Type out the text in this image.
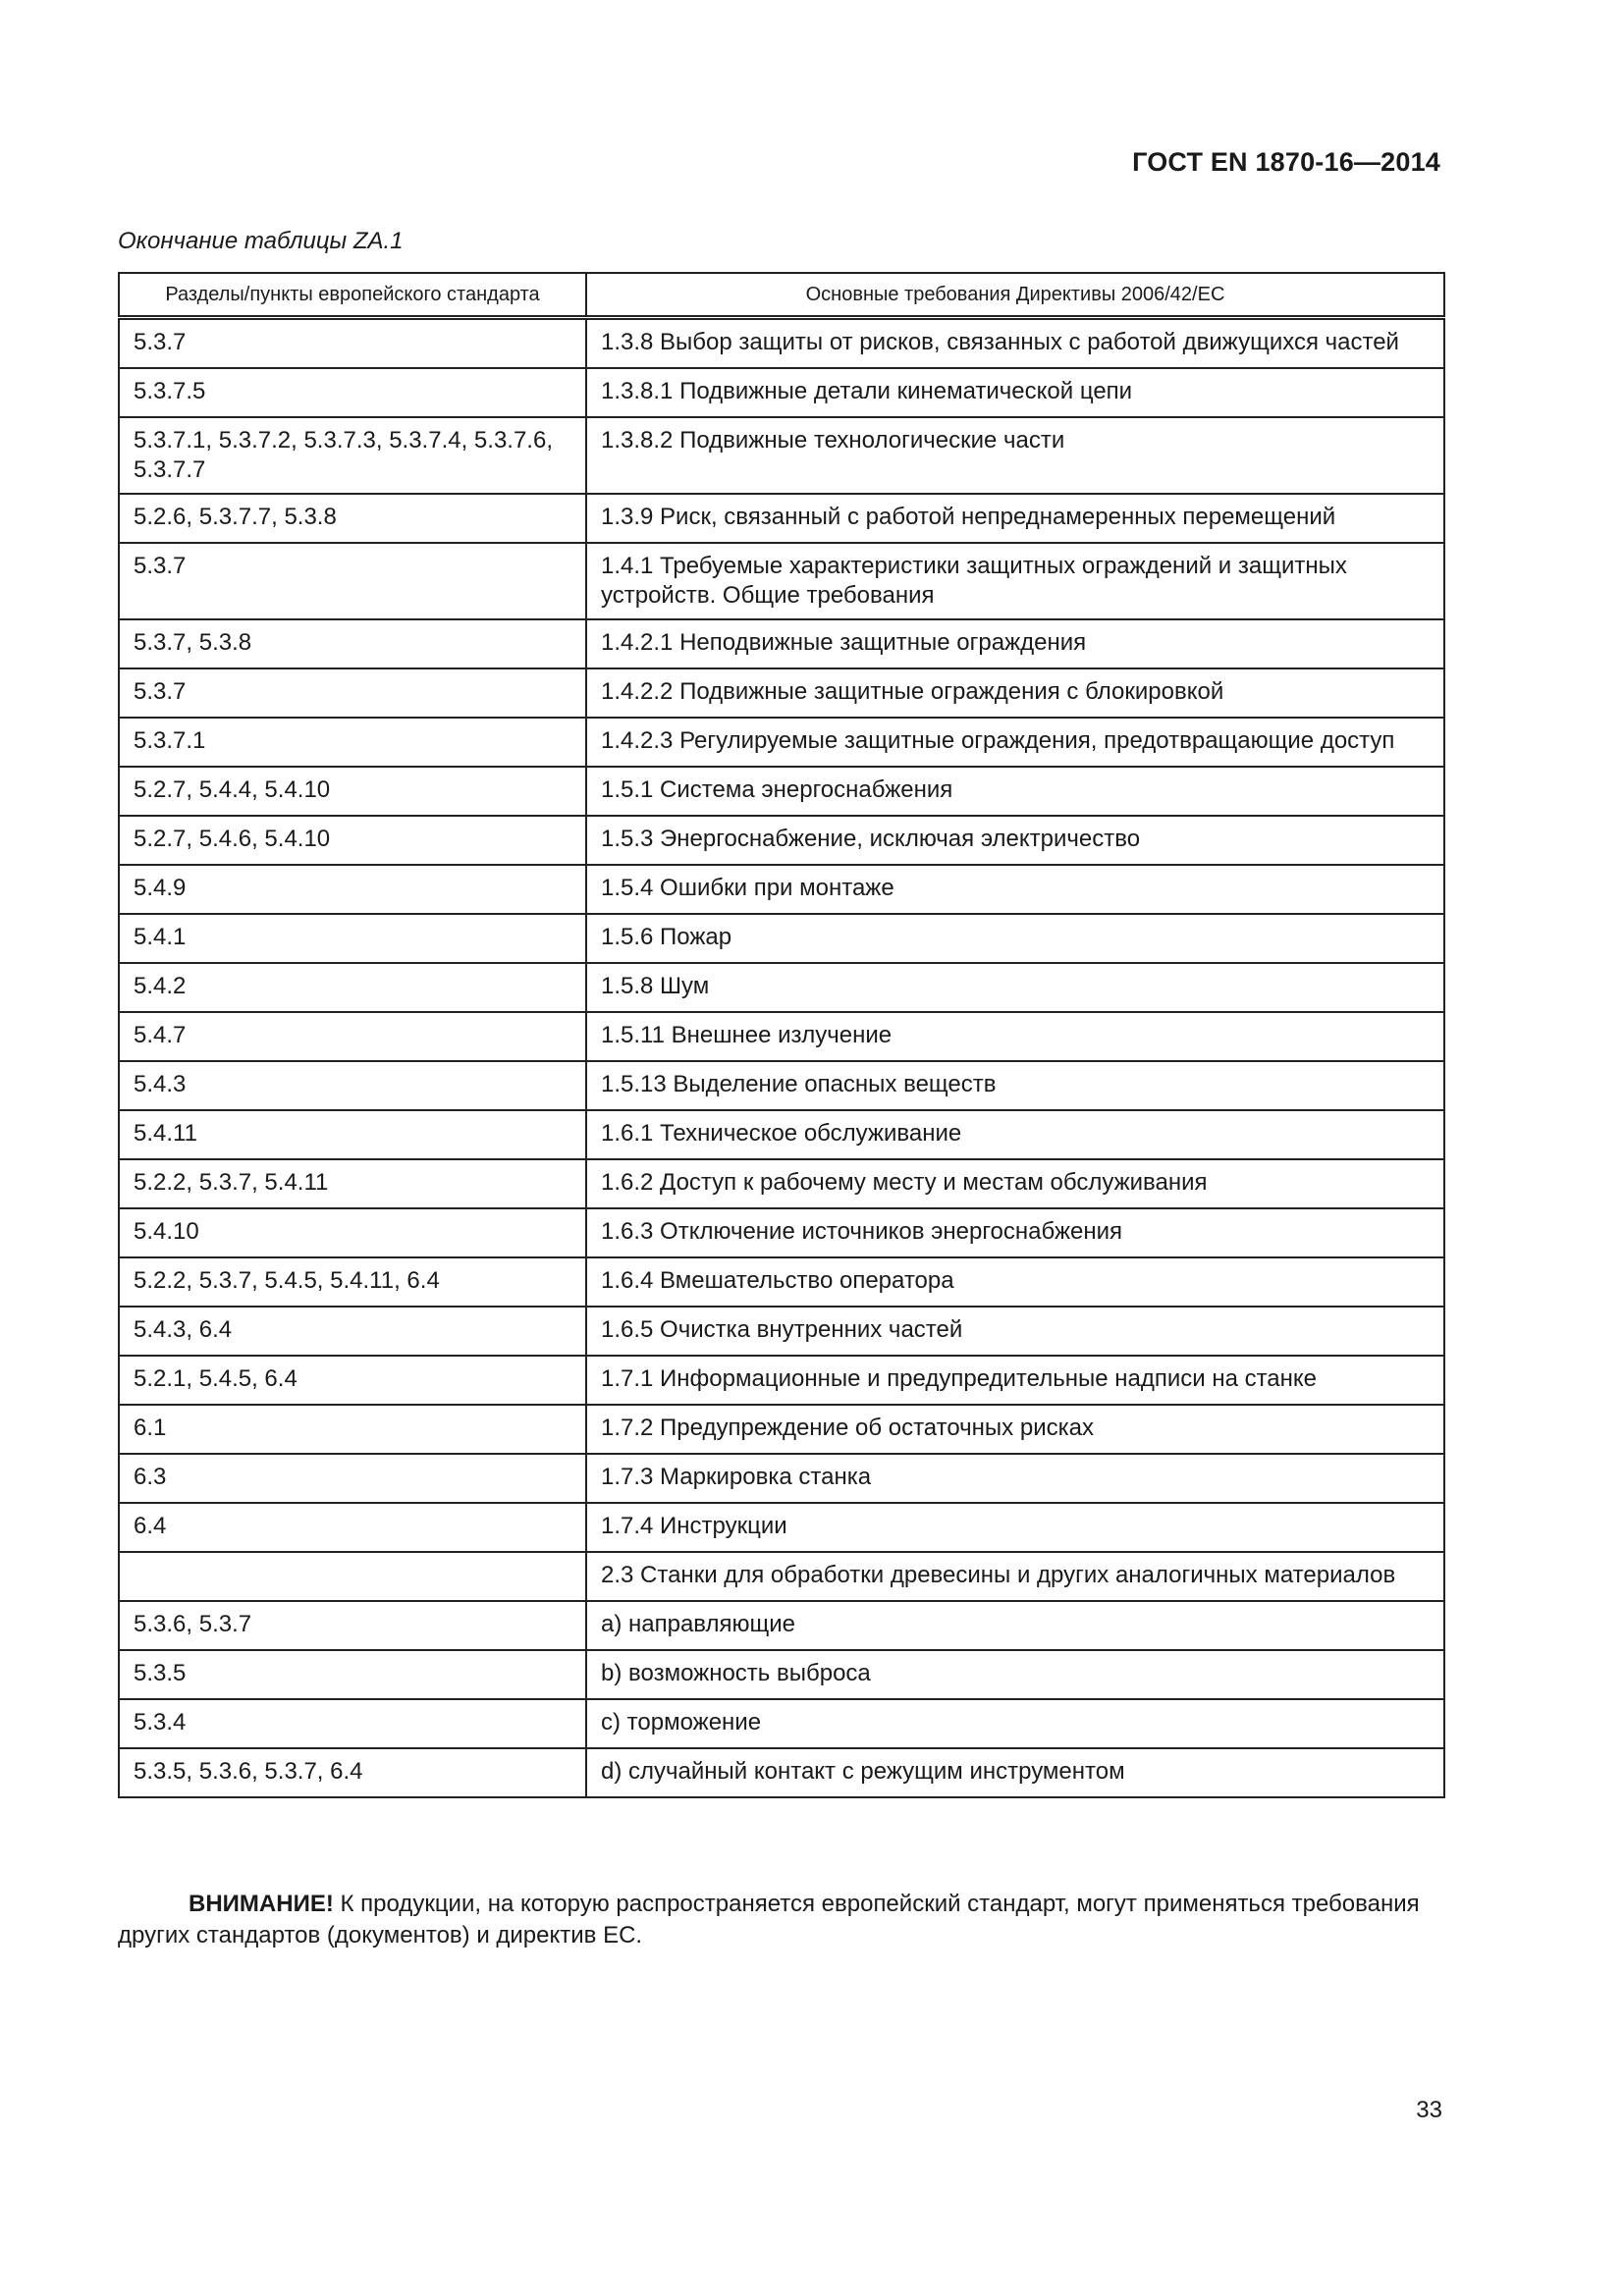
ГОСТ EN 1870-16—2014
Окончание таблицы ZA.1
Разделы/пункты европейского стандарта	Основные требования Директивы 2006/42/ЕС
5.3.7	1.3.8 Выбор защиты от рисков, связанных с работой движущихся частей
5.3.7.5	1.3.8.1 Подвижные детали кинематической цепи
5.3.7.1, 5.3.7.2, 5.3.7.3, 5.3.7.4, 5.3.7.6, 5.3.7.7	1.3.8.2 Подвижные технологические части
5.2.6, 5.3.7.7, 5.3.8	1.3.9 Риск, связанный с работой непреднамеренных перемещений
5.3.7	1.4.1 Требуемые характеристики защитных ограждений и защитных устройств. Общие требования
5.3.7, 5.3.8	1.4.2.1 Неподвижные защитные ограждения
5.3.7	1.4.2.2 Подвижные защитные ограждения с блокировкой
5.3.7.1	1.4.2.3 Регулируемые защитные ограждения, предотвращающие доступ
5.2.7, 5.4.4, 5.4.10	1.5.1 Система энергоснабжения
5.2.7, 5.4.6, 5.4.10	1.5.3 Энергоснабжение, исключая электричество
5.4.9	1.5.4 Ошибки при монтаже
5.4.1	1.5.6 Пожар
5.4.2	1.5.8 Шум
5.4.7	1.5.11 Внешнее излучение
5.4.3	1.5.13 Выделение опасных веществ
5.4.11	1.6.1 Техническое обслуживание
5.2.2, 5.3.7, 5.4.11	1.6.2 Доступ к рабочему месту и местам обслуживания
5.4.10	1.6.3 Отключение источников энергоснабжения
5.2.2, 5.3.7, 5.4.5, 5.4.11, 6.4	1.6.4 Вмешательство оператора
5.4.3, 6.4	1.6.5 Очистка внутренних частей
5.2.1, 5.4.5, 6.4	1.7.1 Информационные и предупредительные надписи на станке
6.1	1.7.2 Предупреждение об остаточных рисках
6.3	1.7.3 Маркировка станка
6.4	1.7.4 Инструкции
	2.3 Станки для обработки древесины и других аналогичных материалов
5.3.6, 5.3.7	a) направляющие
5.3.5	b) возможность выброса
5.3.4	c) торможение
5.3.5, 5.3.6, 5.3.7, 6.4	d) случайный контакт с режущим инструментом

ВНИМАНИЕ! К продукции, на которую распространяется европейский стандарт, могут применяться требования других стандартов (документов) и директив ЕС.

33
